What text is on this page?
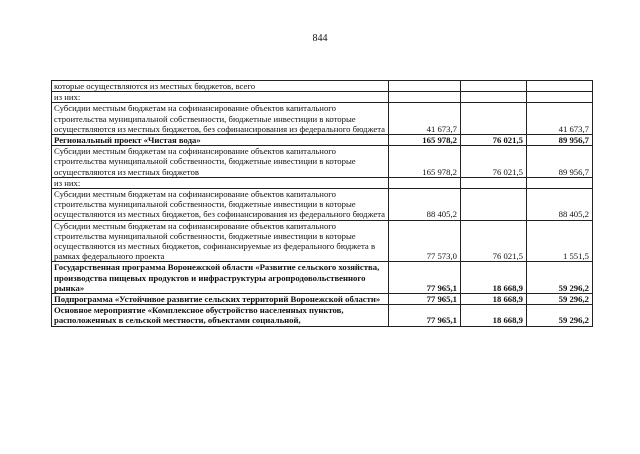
844
которые осуществляются из местных бюджетов, всего			
из них:			
Субсидии местным бюджетам на софинансирование объектов капитального строительства муниципальной собственности, бюджетные инвестиции в которые осуществляются из местных бюджетов, без софинансирования из федерального бюджета	41 673,7		41 673,7
Региональный проект «Чистая вода»	165 978,2	76 021,5	89 956,7
Субсидии местным бюджетам на софинансирование объектов капитального строительства муниципальной собственности, бюджетные инвестиции в которые осуществляются из местных бюджетов	165 978,2	76 021,5	89 956,7
из них:			
Субсидии местным бюджетам на софинансирование объектов капитального строительства муниципальной собственности, бюджетные инвестиции в которые осуществляются из местных бюджетов, без софинансирования из федерального бюджета	88 405,2		88 405,2
Субсидии местным бюджетам на софинансирование объектов капитального строительства муниципальной собственности, бюджетные инвестиции в которые осуществляются из местных бюджетов, софинансируемые из федерального бюджета в рамках федерального проекта	77 573,0	76 021,5	1 551,5
Государственная программа Воронежской области «Развитие сельского хозяйства, производства пищевых продуктов и инфраструктуры агропродовольственного рынка»	77 965,1	18 668,9	59 296,2
Подпрограмма «Устойчивое развитие сельских территорий Воронежской области»	77 965,1	18 668,9	59 296,2
Основное мероприятие «Комплексное обустройство населенных пунктов, расположенных в сельской местности, объектами социальной,	77 965,1	18 668,9	59 296,2
